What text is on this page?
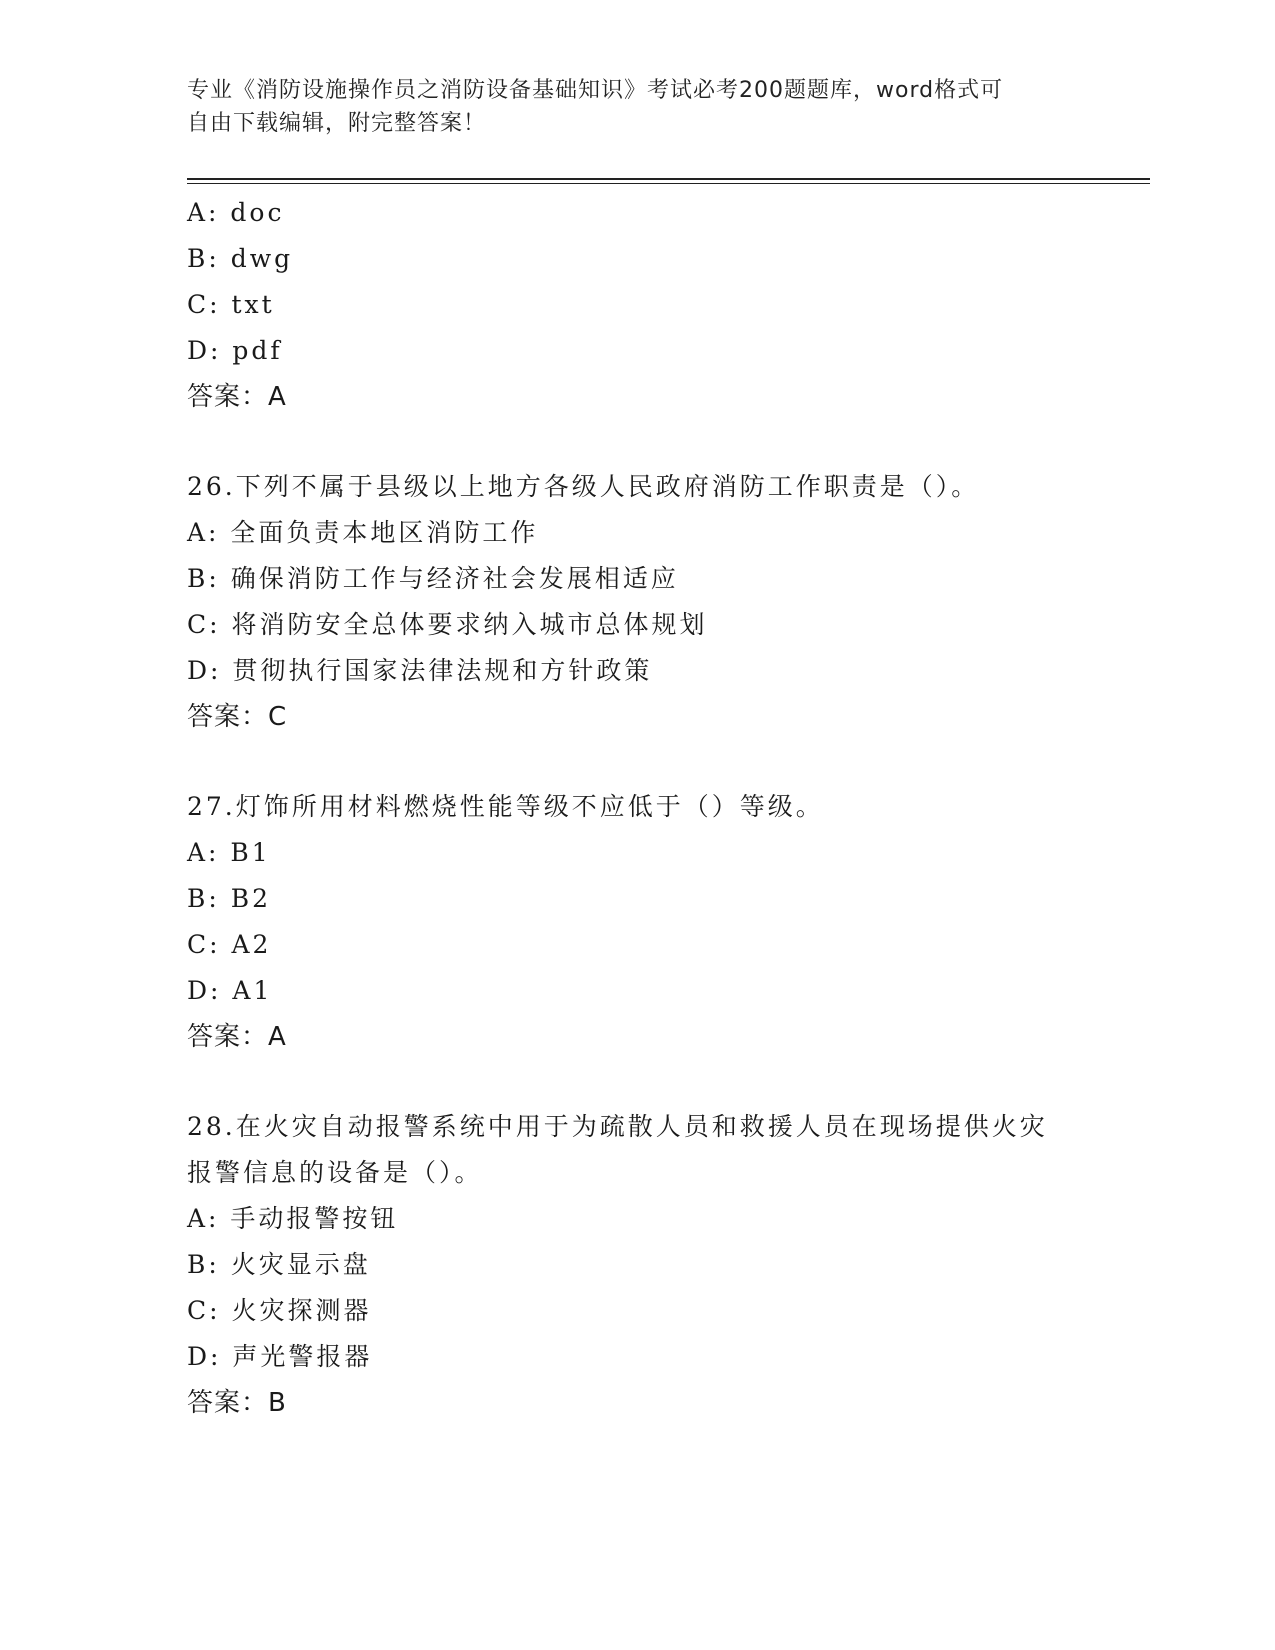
专业《消防设施操作员之消防设备基础知识》考试必考200题题库，word格式可
自由下载编辑，附完整答案！
A: doc
B: dwg
C: txt
D: pdf
答案：A
26.下列不属于县级以上地方各级人民政府消防工作职责是（）。
A: 全面负责本地区消防工作
B: 确保消防工作与经济社会发展相适应
C: 将消防安全总体要求纳入城市总体规划
D: 贯彻执行国家法律法规和方针政策
答案：C
27.灯饰所用材料燃烧性能等级不应低于（）等级。
A: B1
B: B2
C: A2
D: A1
答案：A
28.在火灾自动报警系统中用于为疏散人员和救援人员在现场提供火灾
报警信息的设备是（）。
A: 手动报警按钮
B: 火灾显示盘
C: 火灾探测器
D: 声光警报器
答案：B
